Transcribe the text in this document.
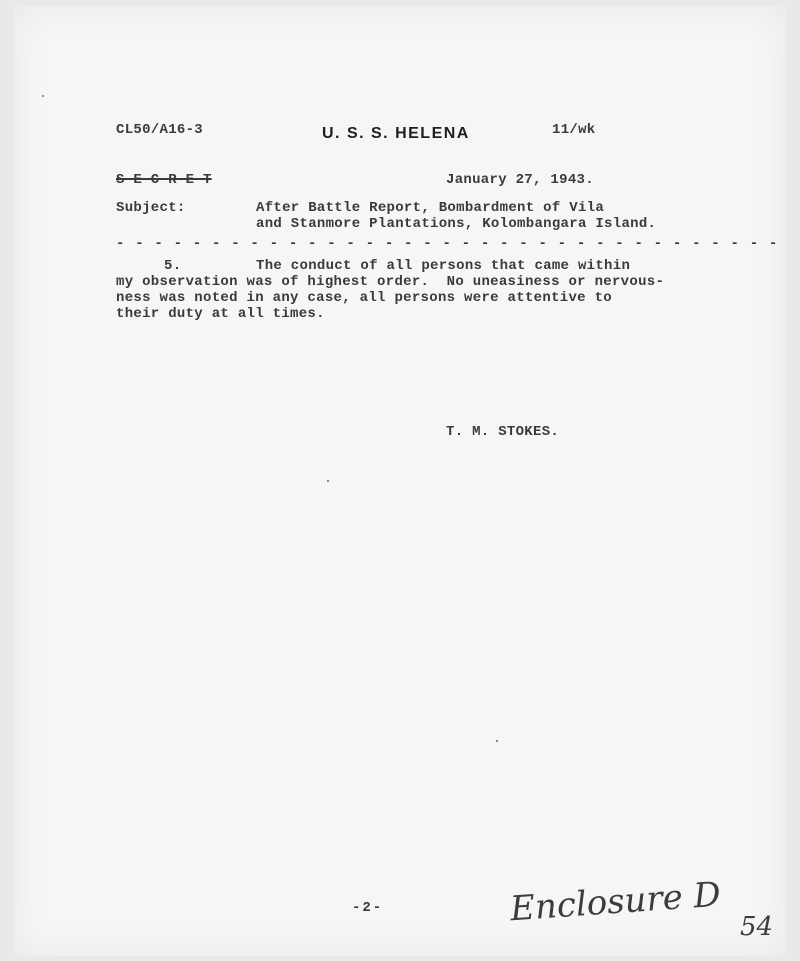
CL50/A16-3	U. S. S. HELENA	11/wk
S-E-C-R-E-T	January 27, 1943.
Subject:	After Battle Report, Bombardment of Vila
and Stanmore Plantations, Kolombangara Island.
- - - - - - - - - - - - - - - - - - - - - - - - - - - - - - - - - - -
5.	The conduct of all persons that came within
my observation was of highest order.  No uneasiness or nervous-
ness was noted in any case, all persons were attentive to
their duty at all times.
T. M. STOKES.
-2-	Enclosure D 54
